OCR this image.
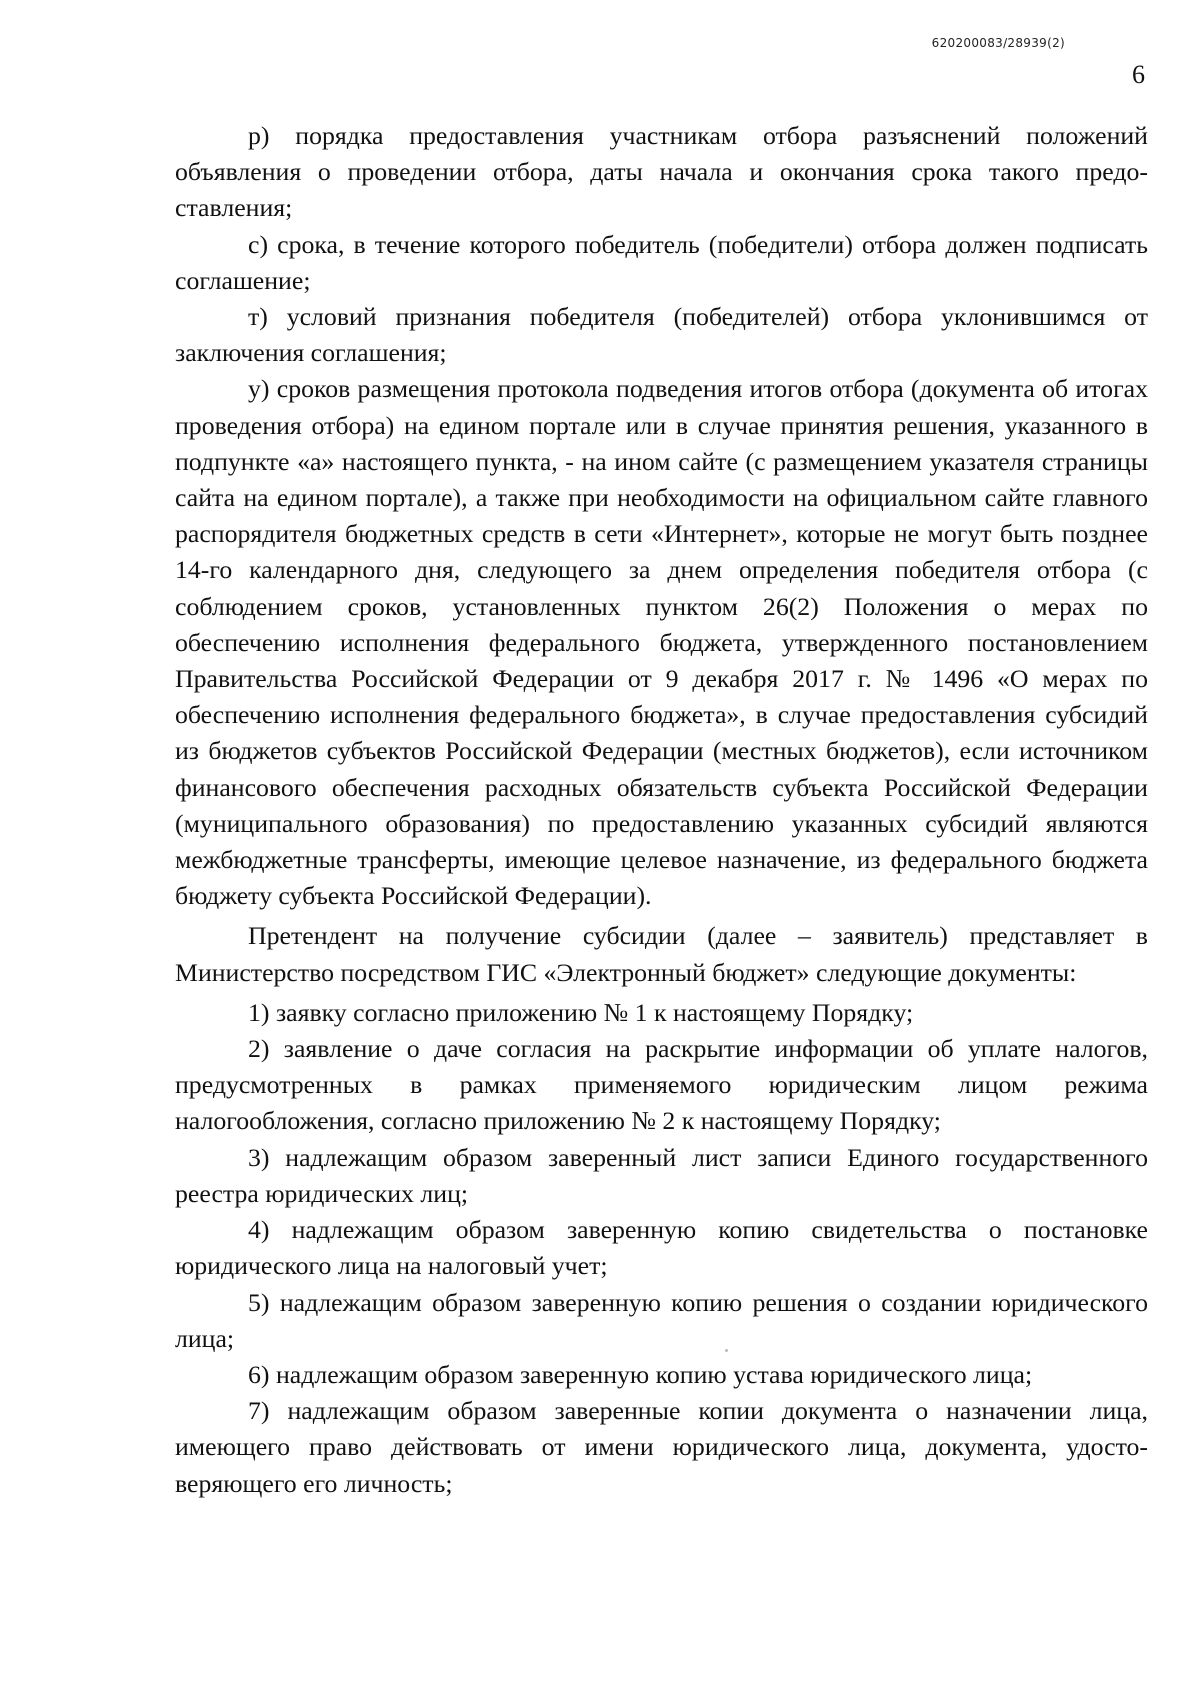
620200083/28939(2)
6

р) порядка предоставления участникам отбора разъяснений положений объявления о проведении отбора, даты начала и окончания срока такого предоставления;

с) срока, в течение которого победитель (победители) отбора должен подписать соглашение;

т) условий признания победителя (победителей) отбора уклонившимся от заключения соглашения;

у) сроков размещения протокола подведения итогов отбора (документа об итогах проведения отбора) на едином портале или в случае принятия решения, указанного в подпункте «а» настоящего пункта, - на ином сайте (с размещением указателя страницы сайта на едином портале), а также при необходимости на официальном сайте главного распорядителя бюджетных средств в сети «Интернет», которые не могут быть позднее 14-го календарного дня, следующего за днем определения победителя отбора (с соблюдением сроков, установленных пунктом 26(2) Положения о мерах по обеспечению исполнения федерального бюджета, утвержденного постановлением Правительства Российской Федерации от 9 декабря 2017 г. № 1496 «О мерах по обеспечению исполнения федерального бюджета», в случае предоставления субсидий из бюджетов субъектов Российской Федерации (местных бюджетов), если источником финансового обеспечения расходных обязательств субъекта Российской Федерации (муниципального образования) по предоставлению указанных субсидий являются межбюджетные трансферты, имеющие целевое назначение, из федерального бюджета бюджету субъекта Российской Федерации).

Претендент на получение субсидии (далее – заявитель) представляет в Министерство посредством ГИС «Электронный бюджет» следующие документы:

1) заявку согласно приложению № 1 к настоящему Порядку;

2) заявление о даче согласия на раскрытие информации об уплате налогов, предусмотренных в рамках применяемого юридическим лицом режима налогообложения, согласно приложению № 2 к настоящему Порядку;

3) надлежащим образом заверенный лист записи Единого государственного реестра юридических лиц;

4) надлежащим образом заверенную копию свидетельства о постановке юридического лица на налоговый учет;

5) надлежащим образом заверенную копию решения о создании юридического лица;

6) надлежащим образом заверенную копию устава юридического лица;

7) надлежащим образом заверенные копии документа о назначении лица, имеющего право действовать от имени юридического лица, документа, удостоверяющего его личность;
